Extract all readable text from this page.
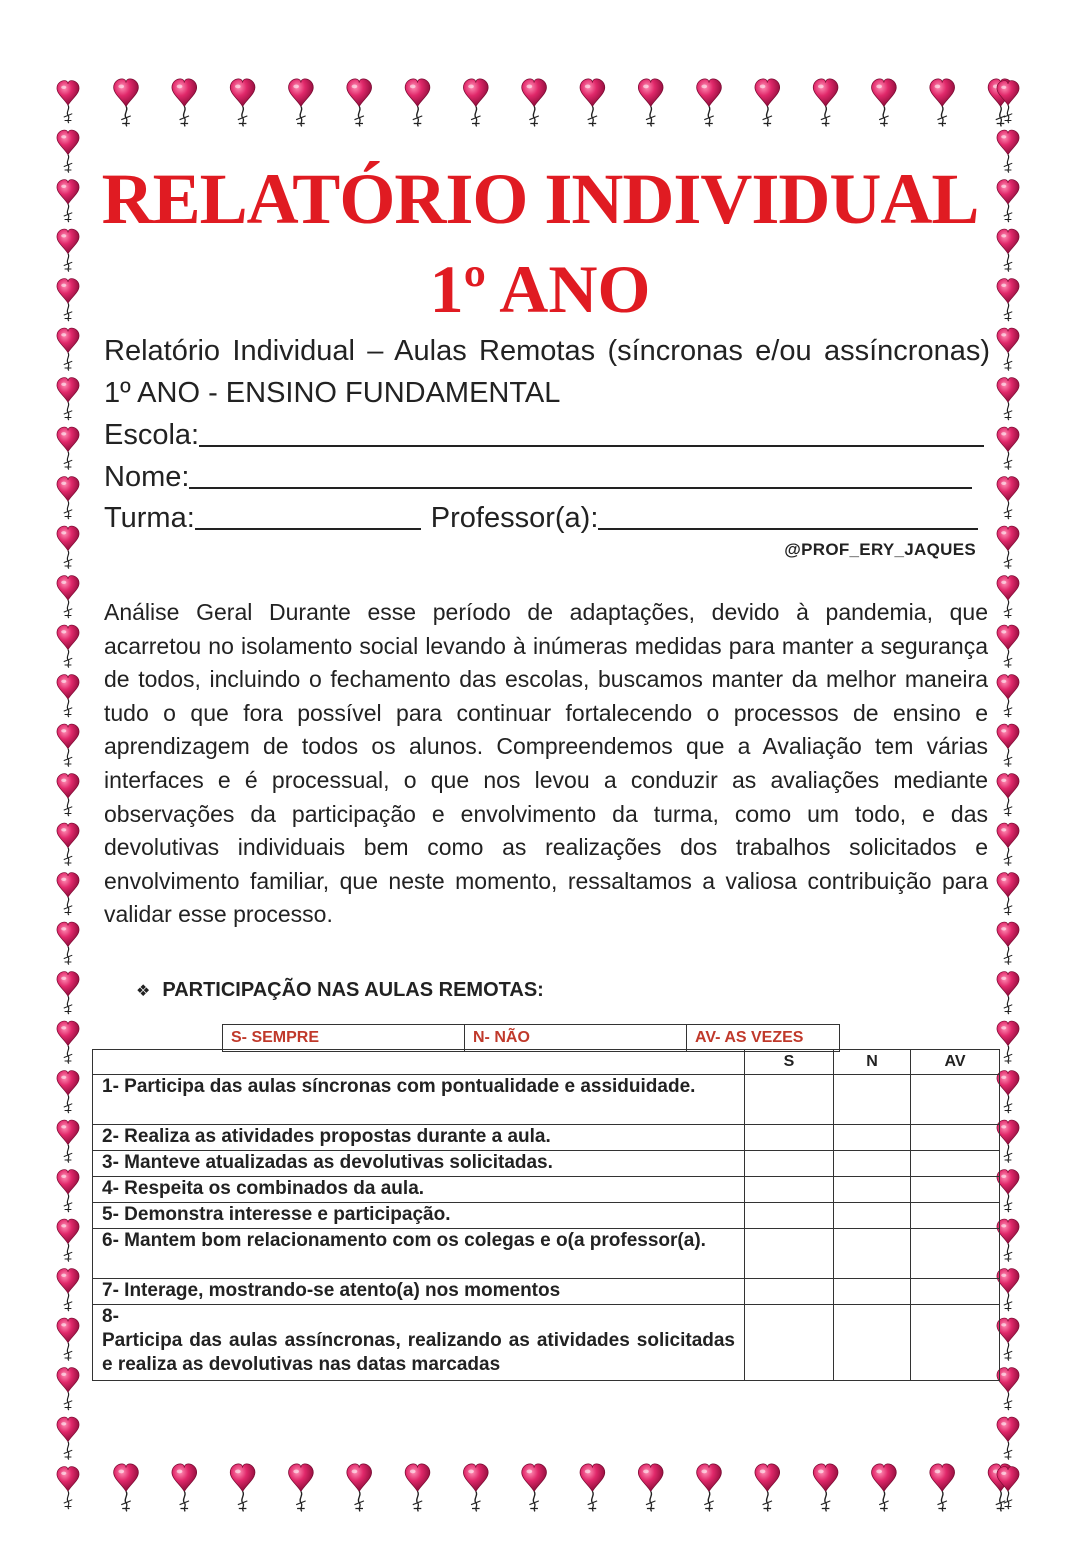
RELATÓRIO INDIVIDUAL
1º ANO
Relatório Individual – Aulas Remotas (síncronas e/ou assíncronas) 1º ANO - ENSINO FUNDAMENTAL
Escola:
Nome:
Turma:	Professor(a):
@PROF_ERY_JAQUES

Análise Geral Durante esse período de adaptações, devido à pandemia, que acarretou no isolamento social levando à inúmeras medidas para manter a segurança de todos, incluindo o fechamento das escolas, buscamos manter da melhor maneira tudo o que fora possível para continuar fortalecendo o processos de ensino e aprendizagem de todos os alunos. Compreendemos que a Avaliação tem várias interfaces e é processual, o que nos levou a conduzir as avaliações mediante observações da participação e envolvimento da turma, como um todo, e das devolutivas individuais bem como as realizações dos trabalhos solicitados e envolvimento familiar, que neste momento, ressaltamos a valiosa contribuição para validar esse processo.

❖ PARTICIPAÇÃO NAS AULAS REMOTAS:
S- SEMPRE	N- NÃO	AV- AS VEZES
	S	N	AV
1- Participa das aulas síncronas com pontualidade e assiduidade.			
2- Realiza as atividades propostas durante a aula.			
3- Manteve atualizadas as devolutivas solicitadas.			
4- Respeita os combinados da aula.			
5- Demonstra interesse e participação.			
6- Mantem bom relacionamento com os colegas e o(a professor(a).			
7- Interage, mostrando-se atento(a) nos momentos			
8-
Participa das aulas assíncronas, realizando as atividades solicitadas e realiza as devolutivas nas datas marcadas			
